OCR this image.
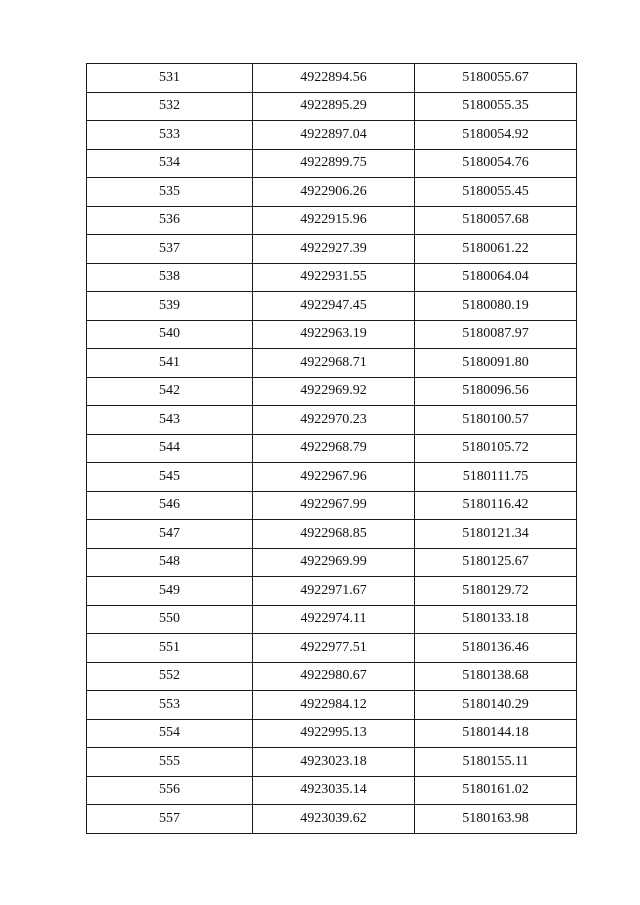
531	4922894.56	5180055.67
532	4922895.29	5180055.35
533	4922897.04	5180054.92
534	4922899.75	5180054.76
535	4922906.26	5180055.45
536	4922915.96	5180057.68
537	4922927.39	5180061.22
538	4922931.55	5180064.04
539	4922947.45	5180080.19
540	4922963.19	5180087.97
541	4922968.71	5180091.80
542	4922969.92	5180096.56
543	4922970.23	5180100.57
544	4922968.79	5180105.72
545	4922967.96	5180111.75
546	4922967.99	5180116.42
547	4922968.85	5180121.34
548	4922969.99	5180125.67
549	4922971.67	5180129.72
550	4922974.11	5180133.18
551	4922977.51	5180136.46
552	4922980.67	5180138.68
553	4922984.12	5180140.29
554	4922995.13	5180144.18
555	4923023.18	5180155.11
556	4923035.14	5180161.02
557	4923039.62	5180163.98
